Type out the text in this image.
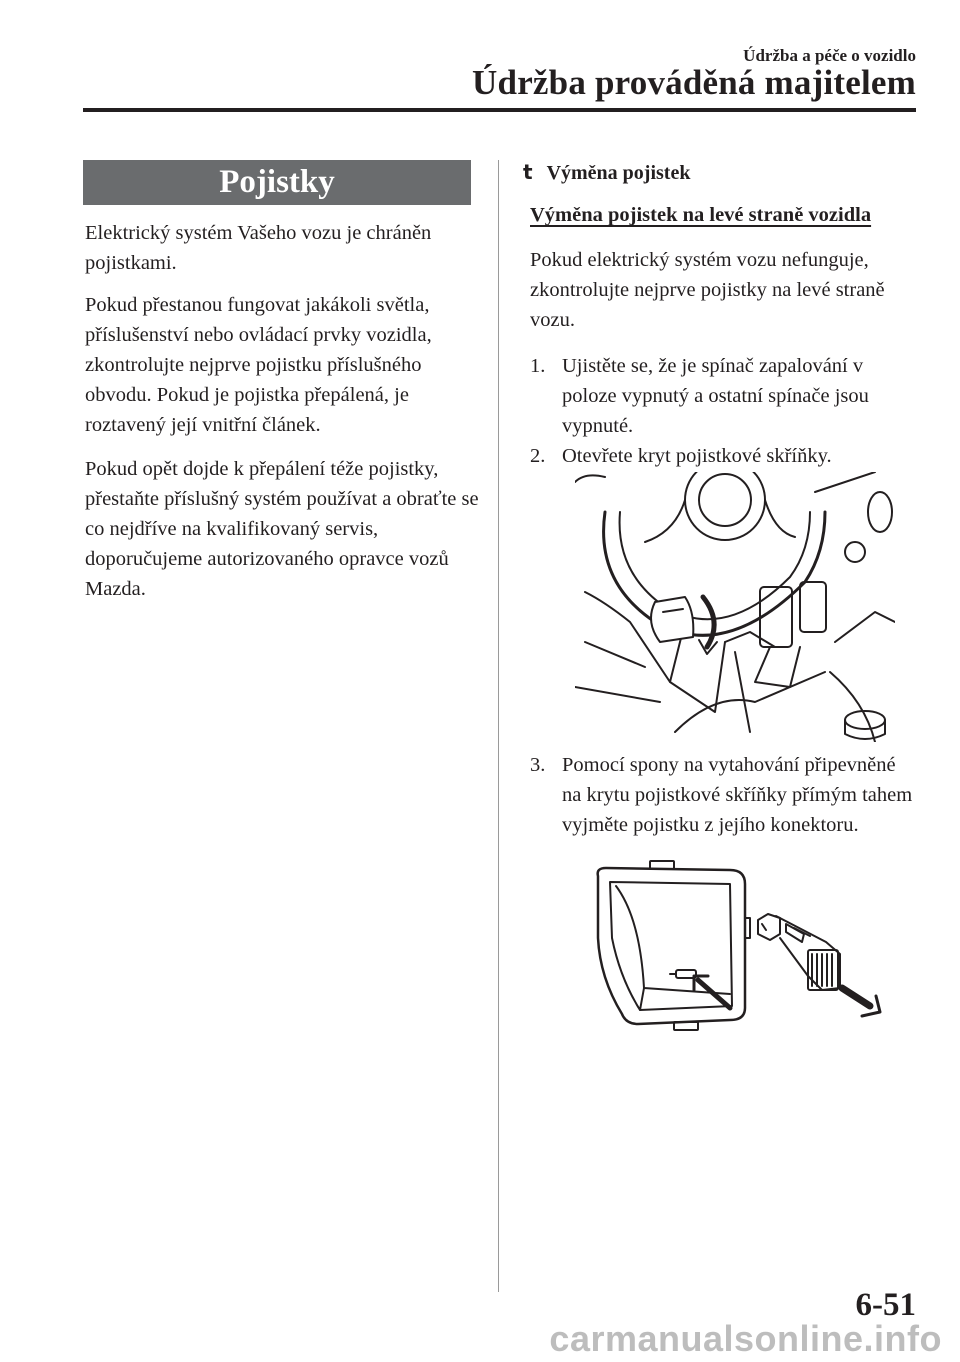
Údržba a péče o vozidlo
Údržba prováděná majitelem
Pojistky
Elektrický systém Vašeho vozu je chráněn pojistkami.
Pokud přestanou fungovat jakákoli světla, příslušenství nebo ovládací prvky vozidla, zkontrolujte nejprve pojistku příslušného obvodu. Pokud je pojistka přepálená, je roztavený její vnitřní článek.
Pokud opět dojde k přepálení téže pojistky, přestaňte příslušný systém používat a obraťte se co nejdříve na kvalifikovaný servis, doporučujeme autorizovaného opravce vozů Mazda.
t Výměna pojistek
Výměna pojistek na levé straně vozidla
Pokud elektrický systém vozu nefunguje, zkontrolujte nejprve pojistky na levé straně vozu.
1. Ujistěte se, že je spínač zapalování v poloze vypnutý a ostatní spínače jsou vypnuté.
2. Otevřete kryt pojistkové skříňky.
3. Pomocí spony na vytahování připevněné na krytu pojistkové skříňky přímým tahem vyjměte pojistku z jejího konektoru.
6-51
carmanualsonline.info
